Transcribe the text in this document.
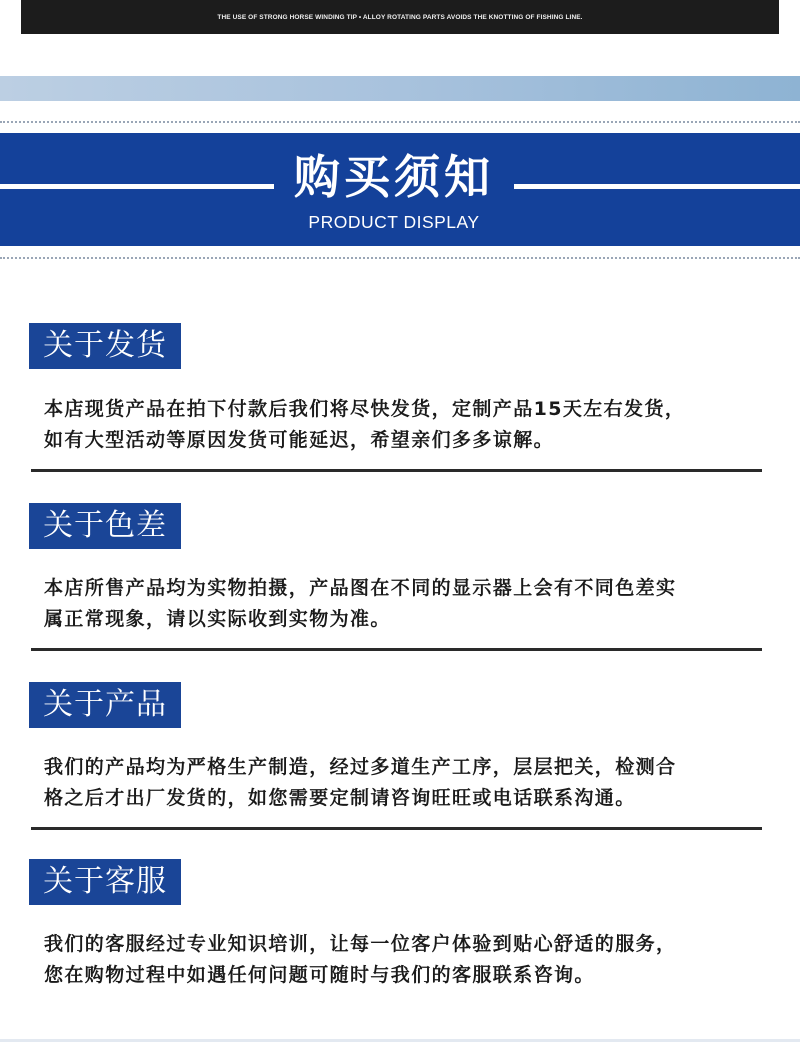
THE USE OF STRONG HORSE WINDING TIP • ALLOY ROTATING PARTS AVOIDS THE KNOTTING OF FISHING LINE.
购买须知
PRODUCT DISPLAY
关于发货
本店现货产品在拍下付款后我们将尽快发货，定制产品15天左右发货，
如有大型活动等原因发货可能延迟，希望亲们多多谅解。
关于色差
本店所售产品均为实物拍摄，产品图在不同的显示器上会有不同色差实
属正常现象，请以实际收到实物为准。
关于产品
我们的产品均为严格生产制造，经过多道生产工序，层层把关，检测合
格之后才出厂发货的，如您需要定制请咨询旺旺或电话联系沟通。
关于客服
我们的客服经过专业知识培训，让每一位客户体验到贴心舒适的服务，
您在购物过程中如遇任何问题可随时与我们的客服联系咨询。
